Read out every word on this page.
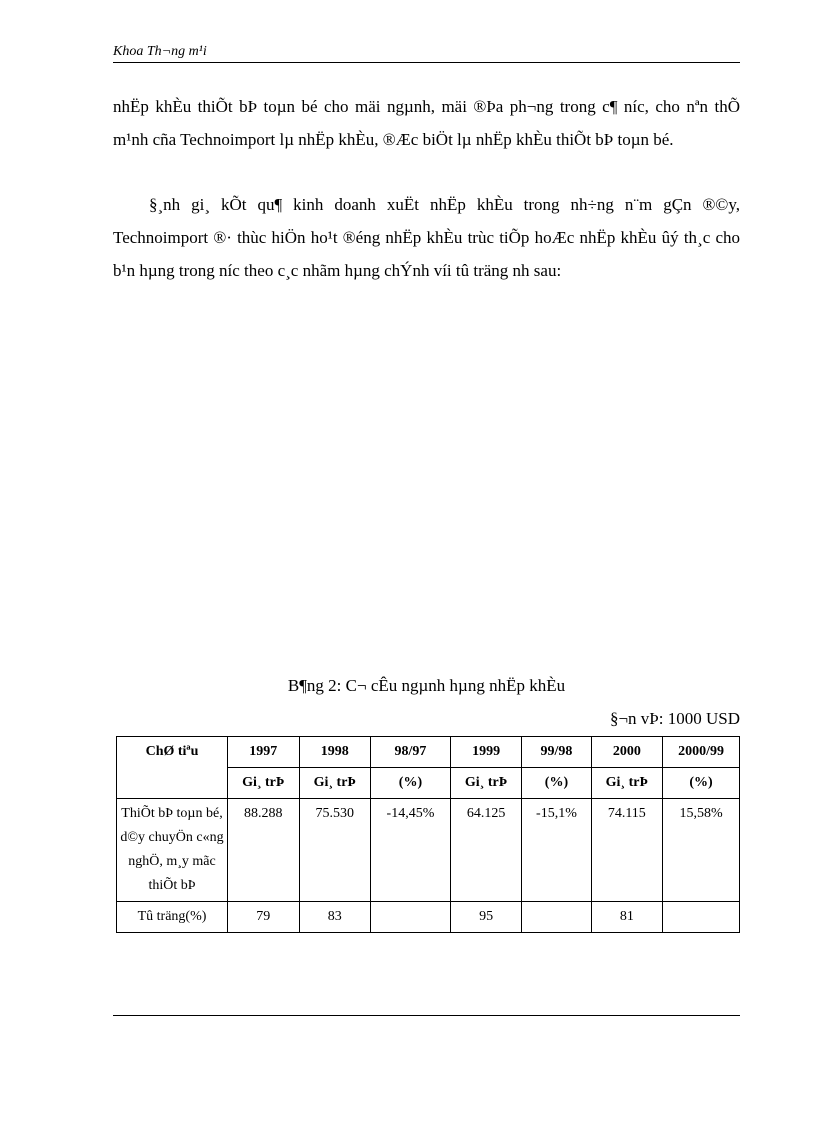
Khoa Th¬ng m¹i

nhËp khÈu thiÕt bÞ toµn bé cho mäi ngµnh, mäi ®Þa ph¬ng trong c¶ níc, cho nªn thÕ m¹nh cña Technoimport lµ nhËp khÈu, ®Æc biÖt lµ nhËp khÈu thiÕt bÞ toµn bé.

§¸nh gi¸ kÕt qu¶ kinh doanh xuËt nhËp khÈu trong nh÷ng n¨m gÇn ®©y, Technoimport ®· thùc hiÖn ho¹t ®éng nhËp khÈu trùc tiÕp hoÆc nhËp khÈu ûý th¸c cho b¹n hµng trong níc theo c¸c nhãm hµng chÝnh víi tû träng nh sau:

B¶ng 2: C¬ cÊu ngµnh hµng nhËp khÈu
§¬n vÞ: 1000 USD
ChØ tiªu	1997	1998	98/97	1999	99/98	2000	2000/99
	Gi¸ trÞ	Gi¸ trÞ	(%)	Gi¸ trÞ	(%)	Gi¸ trÞ	(%)
ThiÕt bÞ toµn bé, d©y chuyÖn c«ng nghÖ, m¸y mãc thiÕt bÞ	88.288	75.530	-14,45%	64.125	-15,1%	74.115	15,58%
Tû träng(%)	79	83		95		81	
